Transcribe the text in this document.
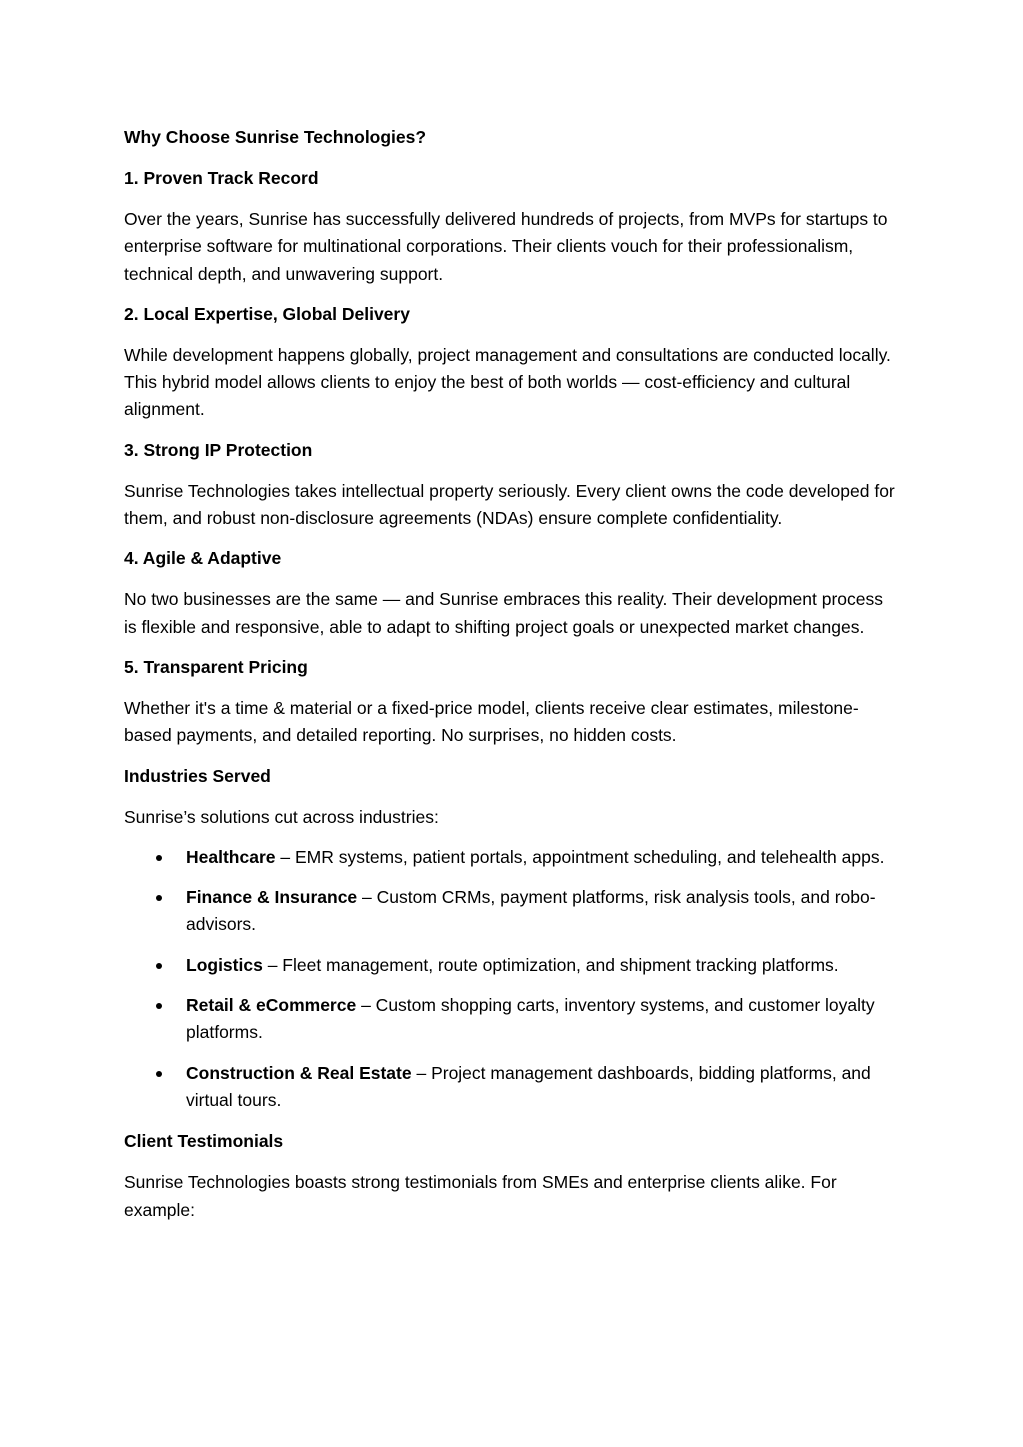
Why Choose Sunrise Technologies?
1. Proven Track Record
Over the years, Sunrise has successfully delivered hundreds of projects, from MVPs for startups to enterprise software for multinational corporations. Their clients vouch for their professionalism, technical depth, and unwavering support.
2. Local Expertise, Global Delivery
While development happens globally, project management and consultations are conducted locally. This hybrid model allows clients to enjoy the best of both worlds — cost-efficiency and cultural alignment.
3. Strong IP Protection
Sunrise Technologies takes intellectual property seriously. Every client owns the code developed for them, and robust non-disclosure agreements (NDAs) ensure complete confidentiality.
4. Agile & Adaptive
No two businesses are the same — and Sunrise embraces this reality. Their development process is flexible and responsive, able to adapt to shifting project goals or unexpected market changes.
5. Transparent Pricing
Whether it's a time & material or a fixed-price model, clients receive clear estimates, milestone-based payments, and detailed reporting. No surprises, no hidden costs.
Industries Served
Sunrise’s solutions cut across industries:
Healthcare – EMR systems, patient portals, appointment scheduling, and telehealth apps.
Finance & Insurance – Custom CRMs, payment platforms, risk analysis tools, and robo-advisors.
Logistics – Fleet management, route optimization, and shipment tracking platforms.
Retail & eCommerce – Custom shopping carts, inventory systems, and customer loyalty platforms.
Construction & Real Estate – Project management dashboards, bidding platforms, and virtual tours.
Client Testimonials
Sunrise Technologies boasts strong testimonials from SMEs and enterprise clients alike. For example:
